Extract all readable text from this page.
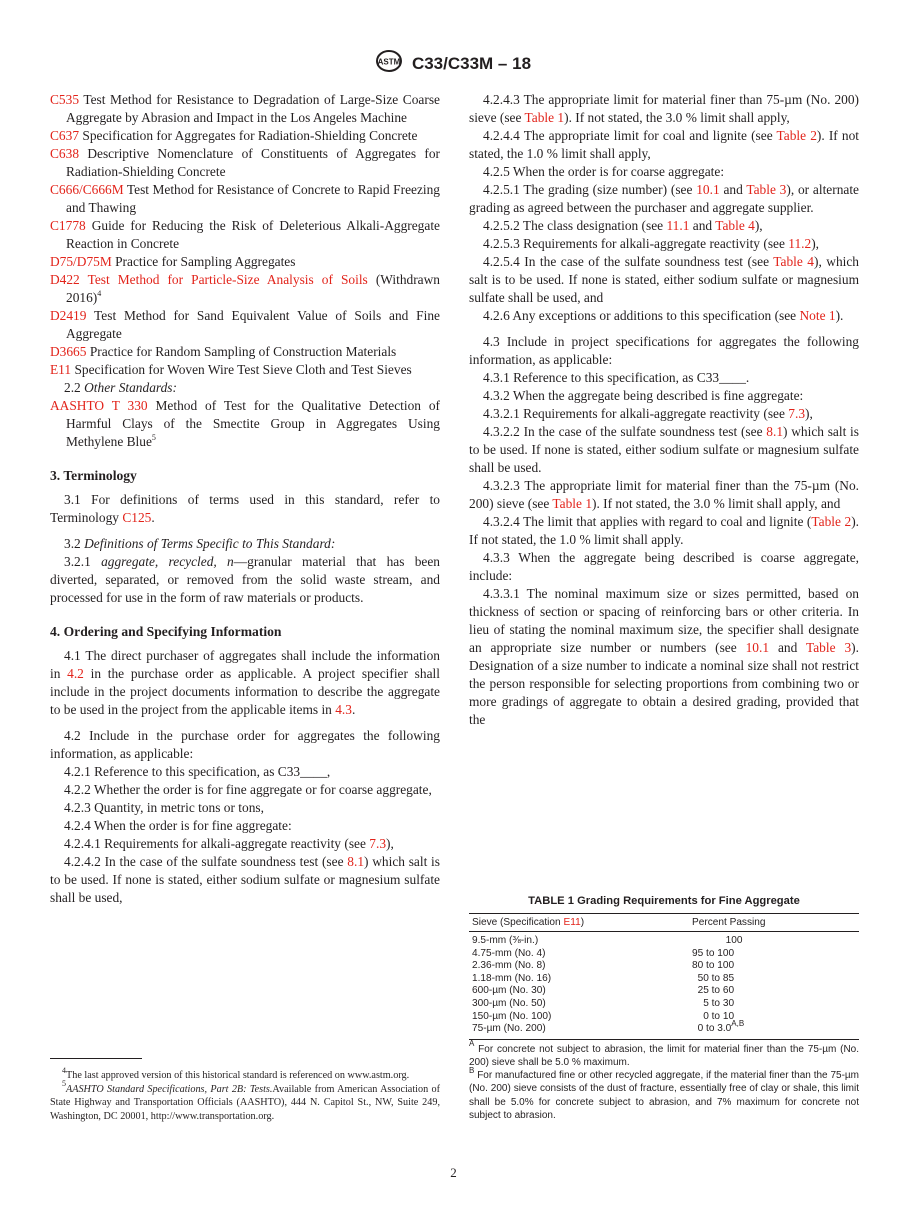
ASTM C33/C33M – 18

C535 Test Method for Resistance to Degradation of Large-Size Coarse Aggregate by Abrasion and Impact in the Los Angeles Machine

C637 Specification for Aggregates for Radiation-Shielding Concrete

C638 Descriptive Nomenclature of Constituents of Aggregates for Radiation-Shielding Concrete

C666/C666M Test Method for Resistance of Concrete to Rapid Freezing and Thawing

C1778 Guide for Reducing the Risk of Deleterious Alkali-Aggregate Reaction in Concrete

D75/D75M Practice for Sampling Aggregates

D422 Test Method for Particle-Size Analysis of Soils (Withdrawn 2016)$^4$

D2419 Test Method for Sand Equivalent Value of Soils and Fine Aggregate

D3665 Practice for Random Sampling of Construction Materials

E11 Specification for Woven Wire Test Sieve Cloth and Test Sieves

2.2 Other Standards:

AASHTO T 330 Method of Test for the Qualitative Detection of Harmful Clays of the Smectite Group in Aggregates Using Methylene Blue$^5$

3. Terminology

3.1 For definitions of terms used in this standard, refer to Terminology C125.

3.2 Definitions of Terms Specific to This Standard:

3.2.1 aggregate, recycled, n—granular material that has been diverted, separated, or removed from the solid waste stream, and processed for use in the form of raw materials or products.

4. Ordering and Specifying Information

4.1 The direct purchaser of aggregates shall include the information in 4.2 in the purchase order as applicable. A project specifier shall include in the project documents information to describe the aggregate to be used in the project from the applicable items in 4.3.

4.2 Include in the purchase order for aggregates the following information, as applicable:

4.2.1 Reference to this specification, as C33____,

4.2.2 Whether the order is for fine aggregate or for coarse aggregate,

4.2.3 Quantity, in metric tons or tons,

4.2.4 When the order is for fine aggregate:

4.2.4.1 Requirements for alkali-aggregate reactivity (see 7.3),

4.2.4.2 In the case of the sulfate soundness test (see 8.1) which salt is to be used. If none is stated, either sodium sulfate or magnesium sulfate shall be used,

$^4$The last approved version of this historical standard is referenced on www.astm.org.

$^5$AASHTO Standard Specifications, Part 2B: Tests.Available from American Association of State Highway and Transportation Officials (AASHTO), 444 N. Capitol St., NW, Suite 249, Washington, DC 20001, http://www.transportation.org.

4.2.4.3 The appropriate limit for material finer than 75-µm (No. 200) sieve (see Table 1). If not stated, the 3.0 % limit shall apply,

4.2.4.4 The appropriate limit for coal and lignite (see Table 2). If not stated, the 1.0 % limit shall apply,

4.2.5 When the order is for coarse aggregate:

4.2.5.1 The grading (size number) (see 10.1 and Table 3), or alternate grading as agreed between the purchaser and aggregate supplier.

4.2.5.2 The class designation (see 11.1 and Table 4),

4.2.5.3 Requirements for alkali-aggregate reactivity (see 11.2),

4.2.5.4 In the case of the sulfate soundness test (see Table 4), which salt is to be used. If none is stated, either sodium sulfate or magnesium sulfate shall be used, and

4.2.6 Any exceptions or additions to this specification (see Note 1).

4.3 Include in project specifications for aggregates the following information, as applicable:

4.3.1 Reference to this specification, as C33____.

4.3.2 When the aggregate being described is fine aggregate:

4.3.2.1 Requirements for alkali-aggregate reactivity (see 7.3),

4.3.2.2 In the case of the sulfate soundness test (see 8.1) which salt is to be used. If none is stated, either sodium sulfate or magnesium sulfate shall be used.

4.3.2.3 The appropriate limit for material finer than the 75-µm (No. 200) sieve (see Table 1). If not stated, the 3.0 % limit shall apply, and

4.3.2.4 The limit that applies with regard to coal and lignite (Table 2). If not stated, the 1.0 % limit shall apply.

4.3.3 When the aggregate being described is coarse aggregate, include:

4.3.3.1 The nominal maximum size or sizes permitted, based on thickness of section or spacing of reinforcing bars or other criteria. In lieu of stating the nominal maximum size, the specifier shall designate an appropriate size number or numbers (see 10.1 and Table 3). Designation of a size number to indicate a nominal size shall not restrict the person responsible for selecting proportions from combining two or more gradings of aggregate to obtain a desired grading, provided that the

TABLE 1 Grading Requirements for Fine Aggregate
Sieve (Specification E11)	Percent Passing
9.5-mm (⅜-in.)	100
4.75-mm (No. 4)	95 to 100
2.36-mm (No. 8)	80 to 100
1.18-mm (No. 16)	50 to 85
600-µm (No. 30)	25 to 60
300-µm (No. 50)	5 to 30
150-µm (No. 100)	0 to 10
75-µm (No. 200)	0 to $3.0^{A,B}$

$^A$ For concrete not subject to abrasion, the limit for material finer than the 75-µm (No. 200) sieve shall be 5.0 % maximum.

$^B$ For manufactured fine or other recycled aggregate, if the material finer than the 75-µm (No. 200) sieve consists of the dust of fracture, essentially free of clay or shale, this limit shall be 5.0% for concrete subject to abrasion, and 7% maximum for concrete not subject to abrasion.

2
